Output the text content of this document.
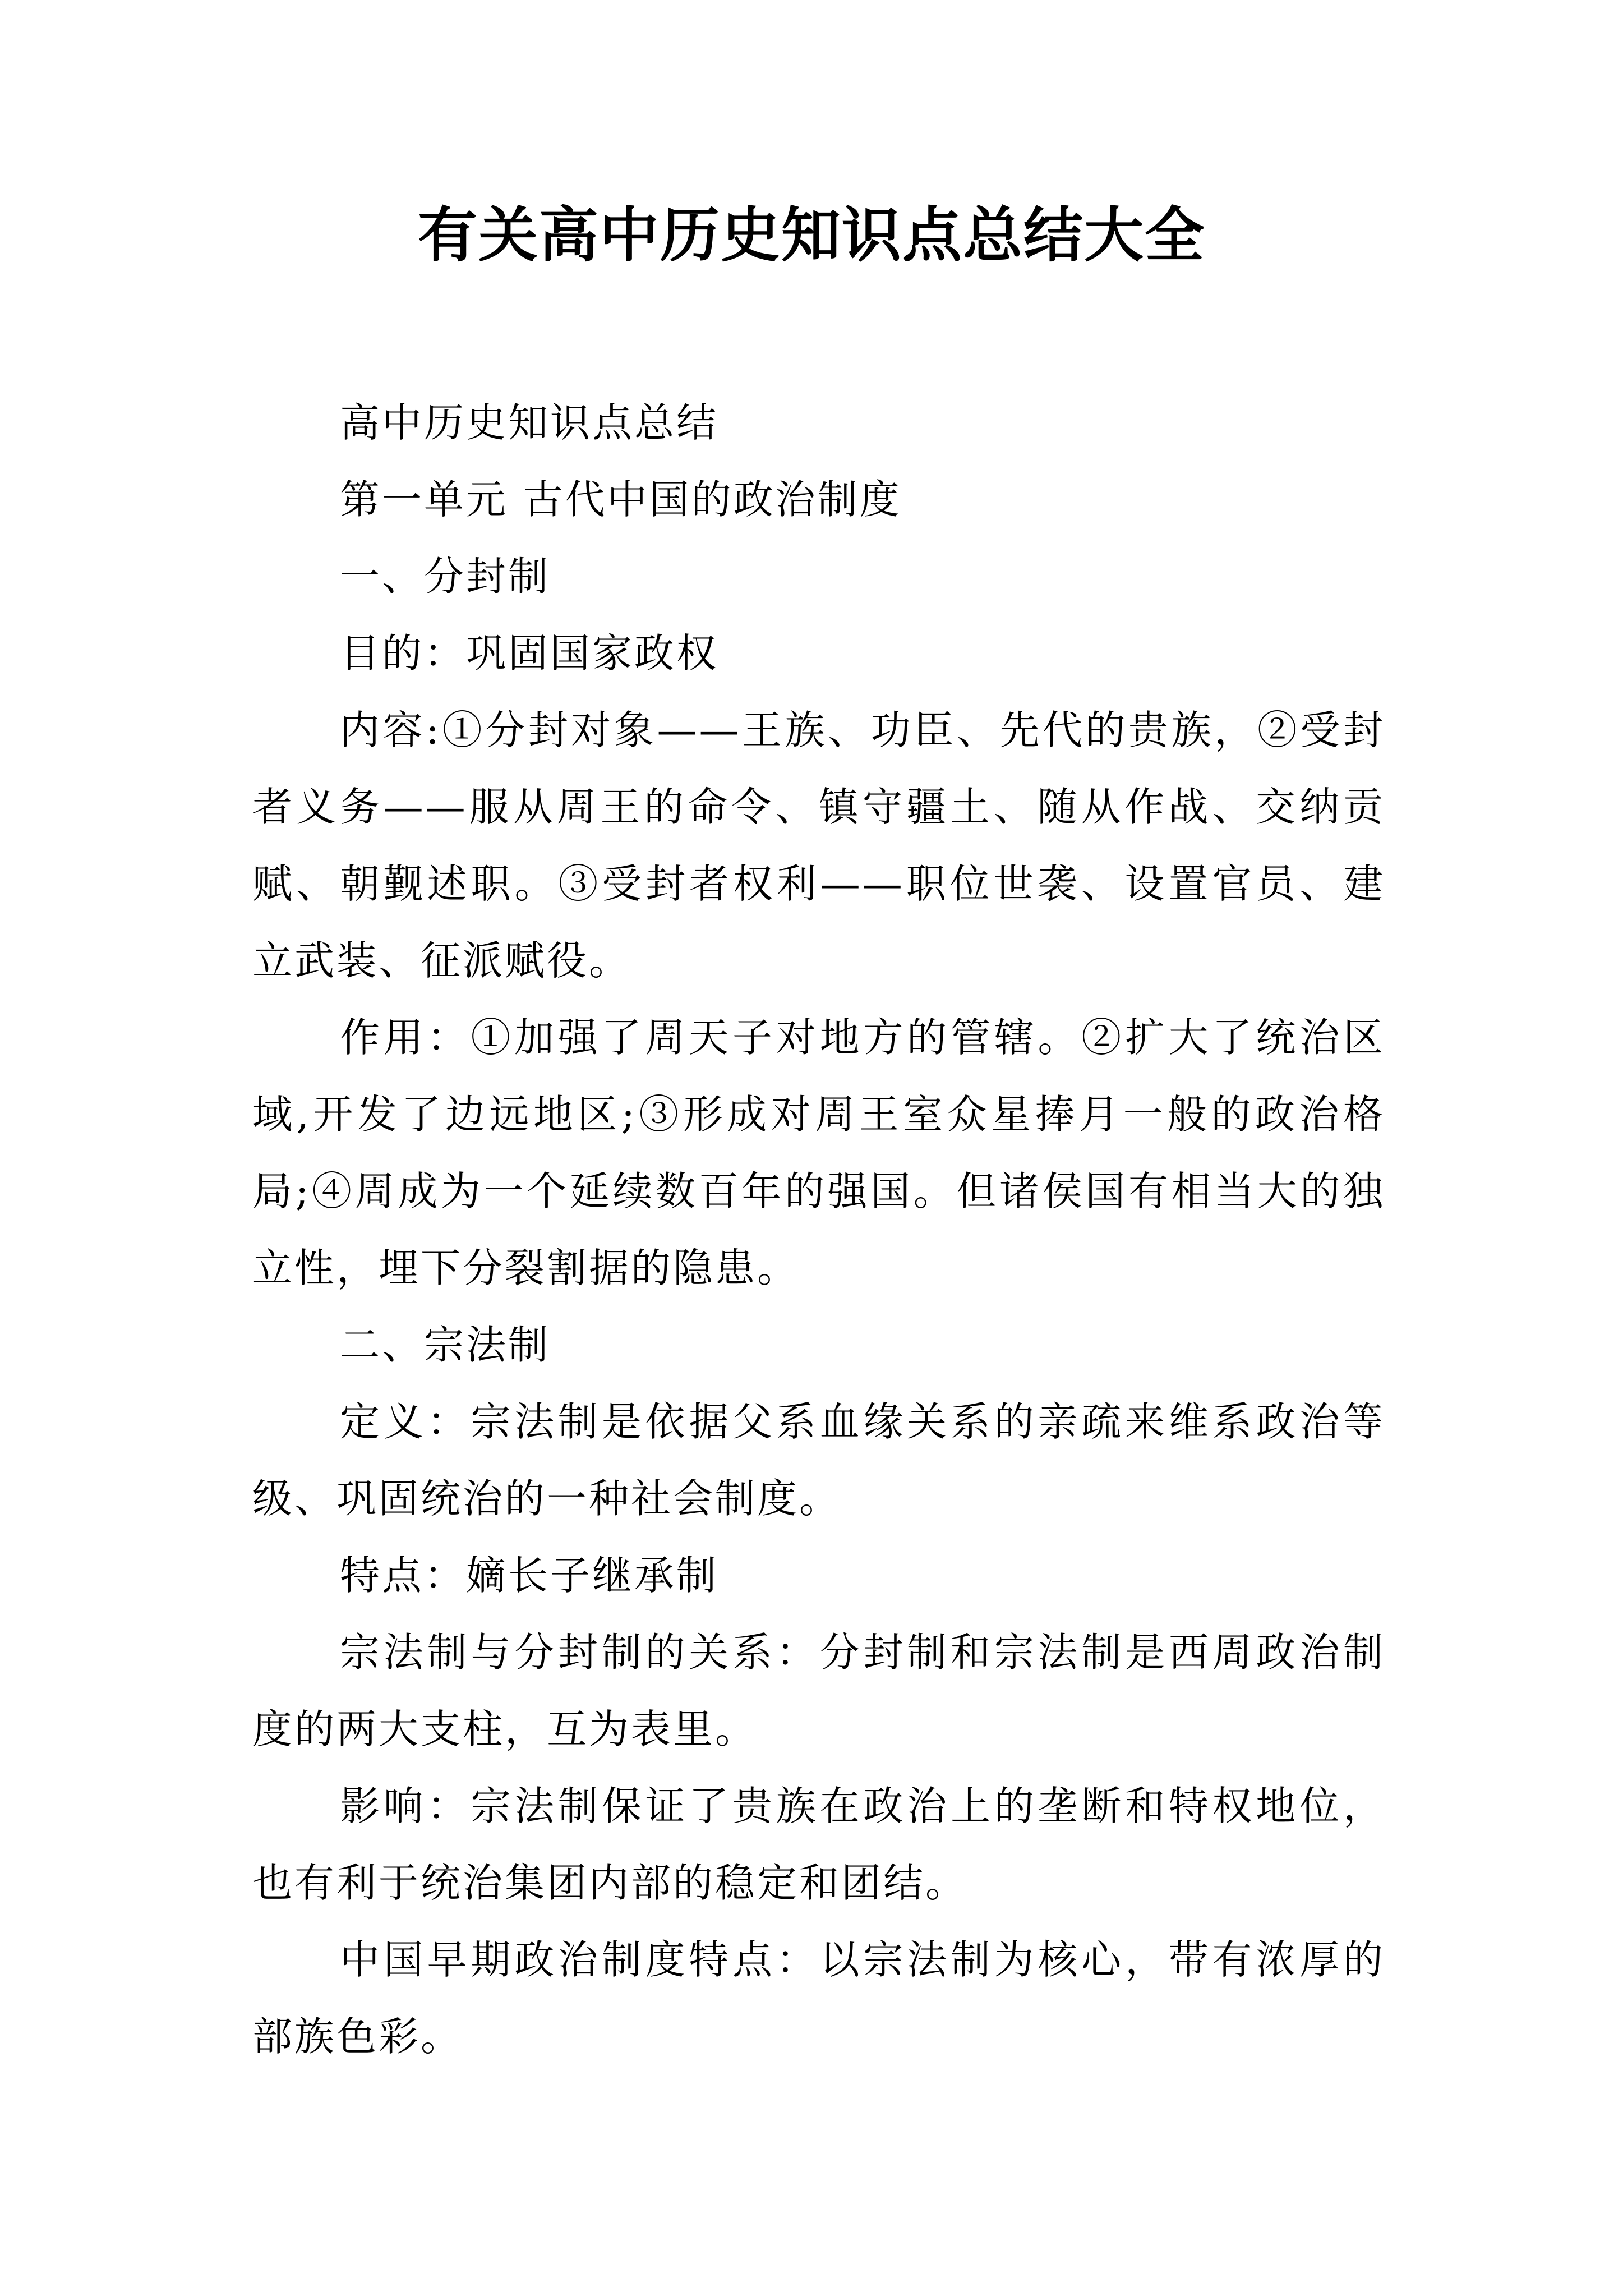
有关高中历史知识点总结大全

高中历史知识点总结

第一单元 古代中国的政治制度

一、分封制

目的：巩固国家政权

内容:①分封对象——王族、功臣、先代的贵族，②受封者义务——服从周王的命令、镇守疆土、随从作战、交纳贡赋、朝觐述职。③受封者权利——职位世袭、设置官员、建立武装、征派赋役。

作用：①加强了周天子对地方的管辖。②扩大了统治区域,开发了边远地区;③形成对周王室众星捧月一般的政治格局;④周成为一个延续数百年的强国。但诸侯国有相当大的独立性，埋下分裂割据的隐患。

二、宗法制

定义：宗法制是依据父系血缘关系的亲疏来维系政治等级、巩固统治的一种社会制度。

特点：嫡长子继承制

宗法制与分封制的关系：分封制和宗法制是西周政治制度的两大支柱，互为表里。

影响：宗法制保证了贵族在政治上的垄断和特权地位，也有利于统治集团内部的稳定和团结。

中国早期政治制度特点：以宗法制为核心，带有浓厚的部族色彩。
